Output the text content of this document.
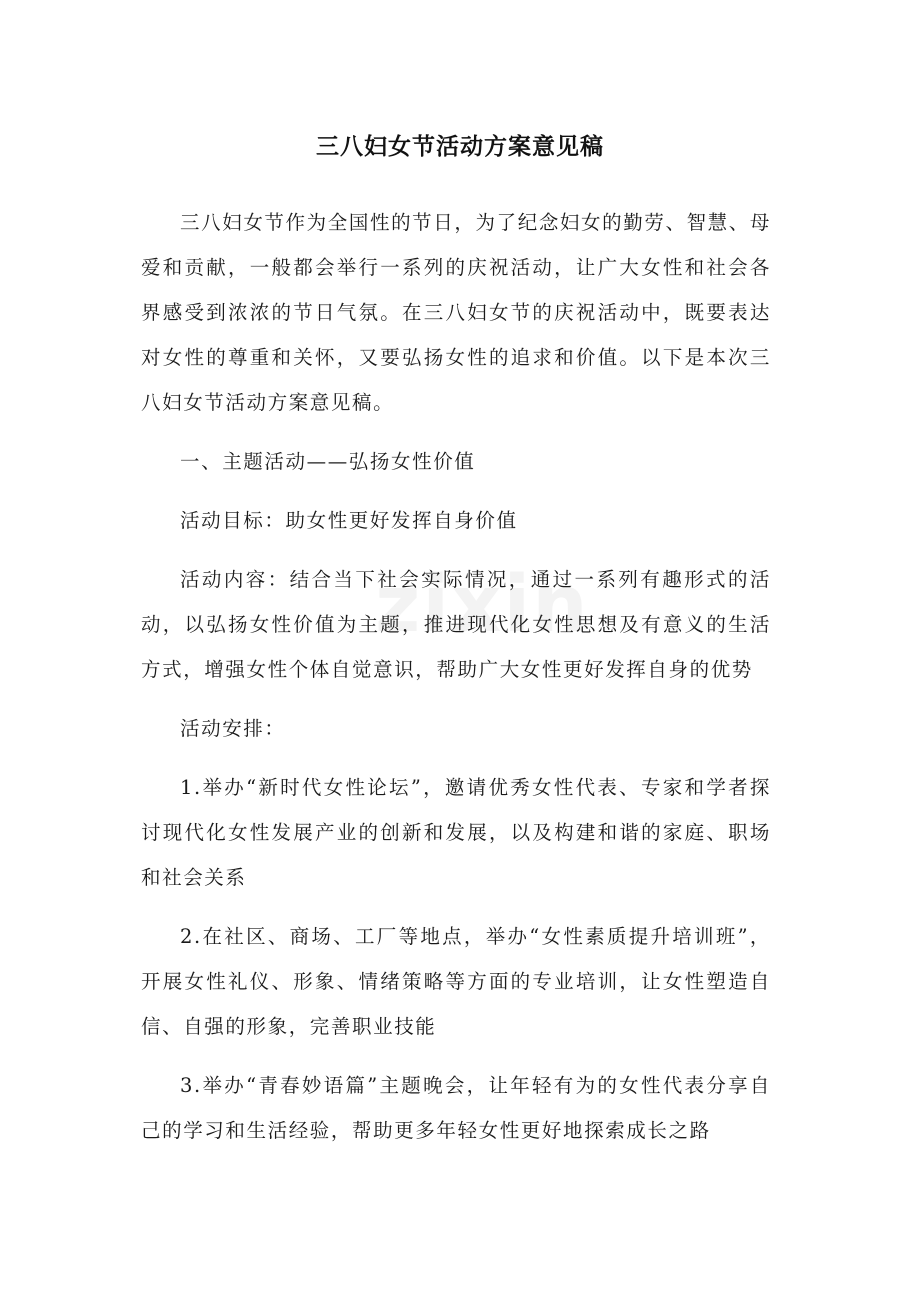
三八妇女节活动方案意见稿

三八妇女节作为全国性的节日，为了纪念妇女的勤劳、智慧、母爱和贡献，一般都会举行一系列的庆祝活动，让广大女性和社会各界感受到浓浓的节日气氛。在三八妇女节的庆祝活动中，既要表达对女性的尊重和关怀，又要弘扬女性的追求和价值。以下是本次三八妇女节活动方案意见稿。

一、主题活动——弘扬女性价值

活动目标：助女性更好发挥自身价值

活动内容：结合当下社会实际情况，通过一系列有趣形式的活动，以弘扬女性价值为主题，推进现代化女性思想及有意义的生活方式，增强女性个体自觉意识，帮助广大女性更好发挥自身的优势

活动安排：

1.举办“新时代女性论坛”，邀请优秀女性代表、专家和学者探讨现代化女性发展产业的创新和发展，以及构建和谐的家庭、职场和社会关系

2.在社区、商场、工厂等地点，举办“女性素质提升培训班”，开展女性礼仪、形象、情绪策略等方面的专业培训，让女性塑造自信、自强的形象，完善职业技能

3.举办“青春妙语篇”主题晚会，让年轻有为的女性代表分享自己的学习和生活经验，帮助更多年轻女性更好地探索成长之路
